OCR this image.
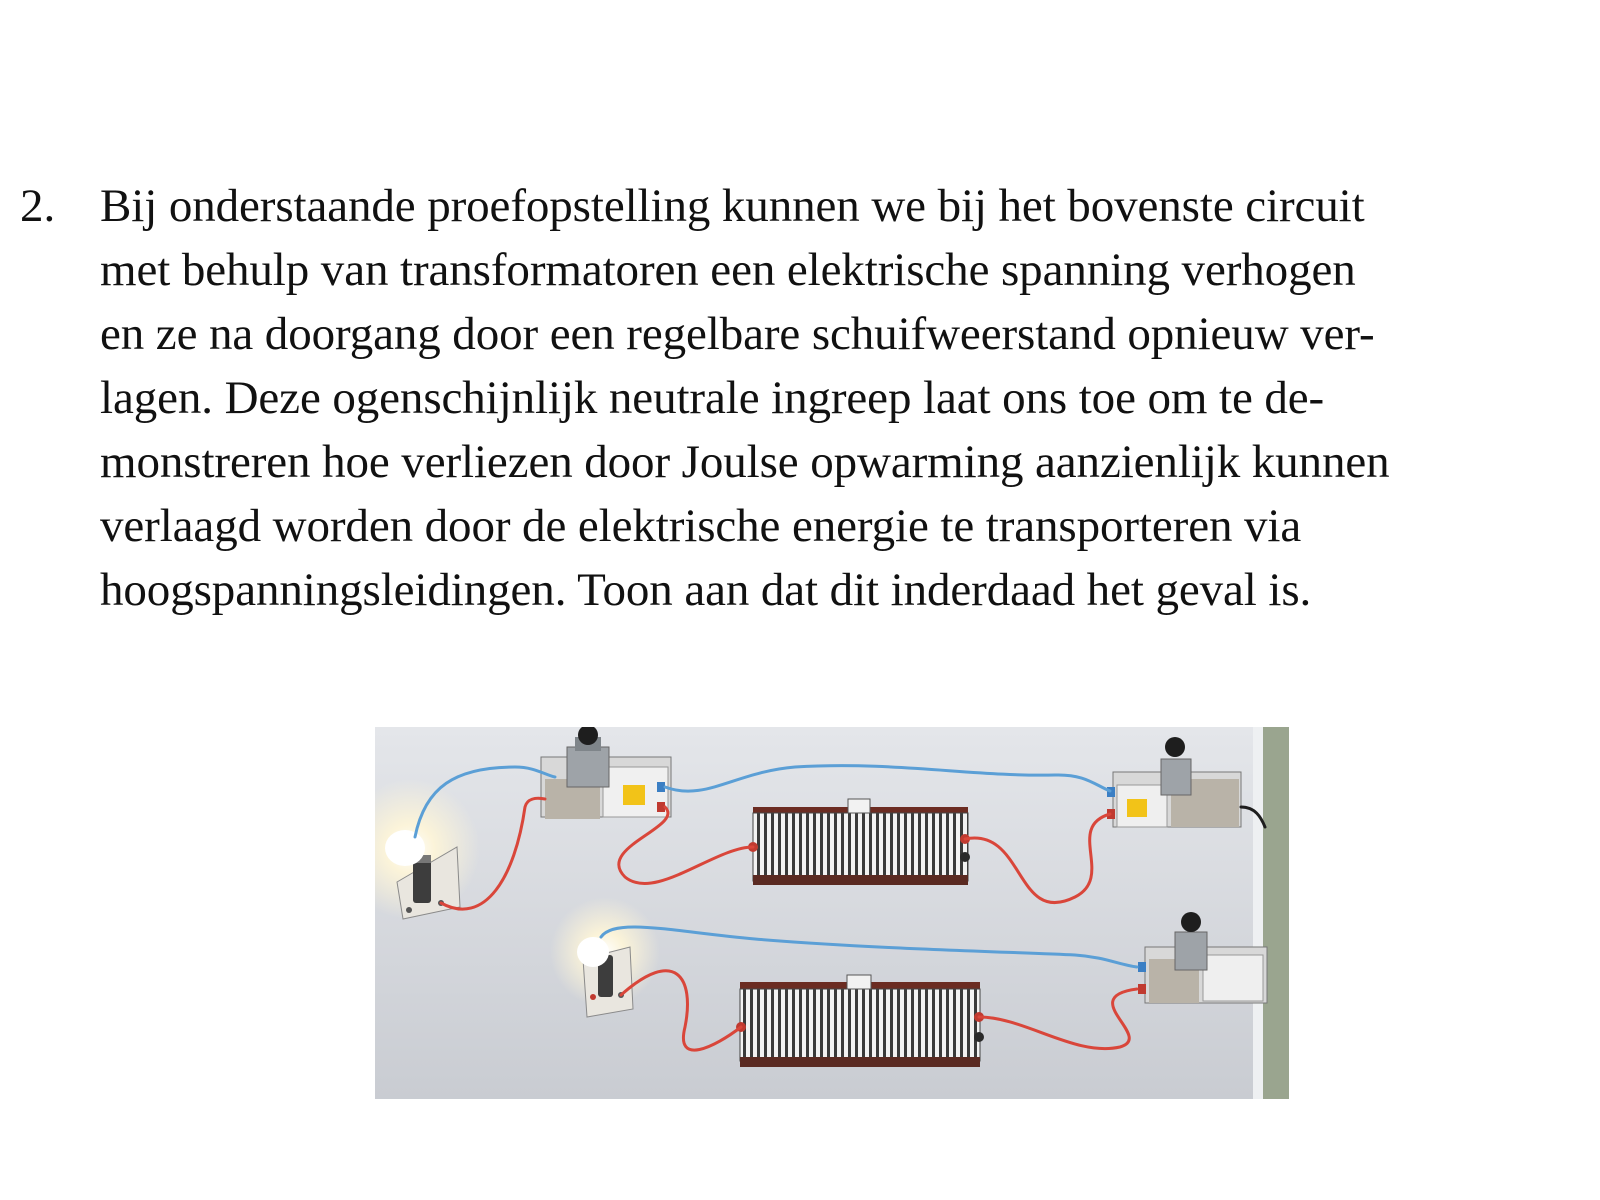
2. Bij onderstaande proefopstelling kunnen we bij het bovenste circuit
met behulp van transformatoren een elektrische spanning verhogen
en ze na doorgang door een regelbare schuifweerstand opnieuw ver-
lagen. Deze ogenschijnlijk neutrale ingreep laat ons toe om te de-
monstreren hoe verliezen door Joulse opwarming aanzienlijk kunnen
verlaagd worden door de elektrische energie te transporteren via
hoogspanningsleidingen. Toon aan dat dit inderdaad het geval is.
